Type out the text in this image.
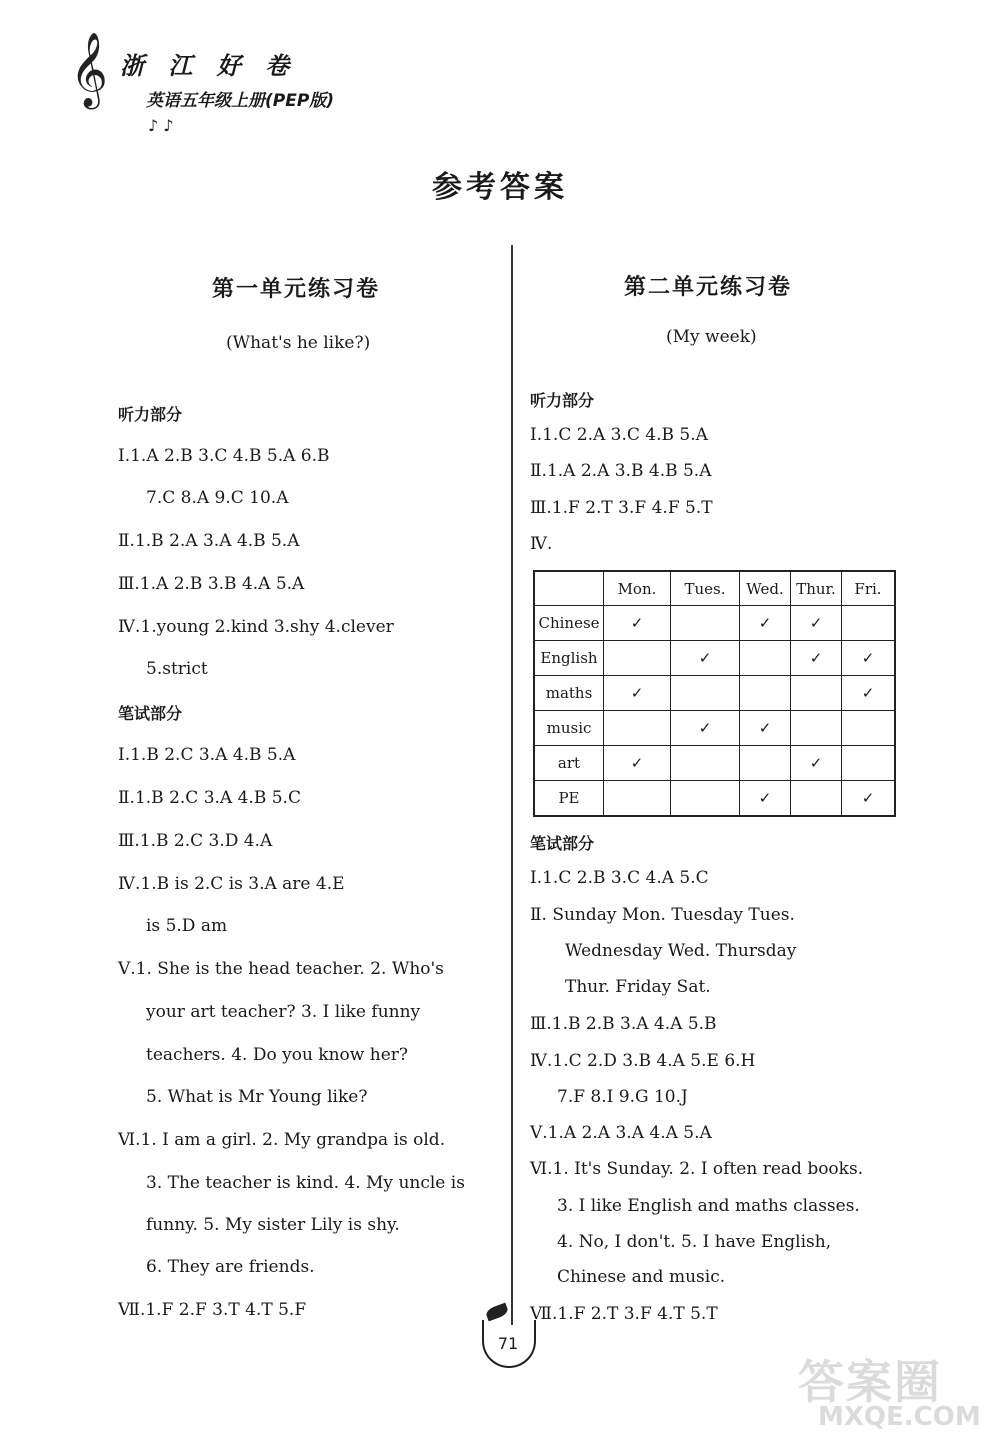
𝄞
♪ ♪
浙 江 好 卷
英语五年级上册(PEP版)
参考答案
第一单元练习卷
(What's he like?)
听力部分
Ⅰ.1.A 2.B 3.C 4.B 5.A 6.B
7.C 8.A 9.C 10.A
Ⅱ.1.B 2.A 3.A 4.B 5.A
Ⅲ.1.A 2.B 3.B 4.A 5.A
Ⅳ.1.young 2.kind 3.shy 4.clever
5.strict
笔试部分
Ⅰ.1.B 2.C 3.A 4.B 5.A
Ⅱ.1.B 2.C 3.A 4.B 5.C
Ⅲ.1.B 2.C 3.D 4.A
Ⅳ.1.B is 2.C is 3.A are 4.E
is 5.D am
Ⅴ.1. She is the head teacher. 2. Who's
your art teacher? 3. I like funny
teachers. 4. Do you know her?
5. What is Mr Young like?
Ⅵ.1. I am a girl. 2. My grandpa is old.
3. The teacher is kind. 4. My uncle is
funny. 5. My sister Lily is shy.
6. They are friends.
Ⅶ.1.F 2.F 3.T 4.T 5.F
第二单元练习卷
(My week)
听力部分
Ⅰ.1.C 2.A 3.C 4.B 5.A
Ⅱ.1.A 2.A 3.B 4.B 5.A
Ⅲ.1.F 2.T 3.F 4.F 5.T
Ⅳ.
	Mon.	Tues.	Wed.	Thur.	Fri.
Chinese	✓		✓	✓	
English		✓		✓	✓
maths	✓				✓
music		✓	✓		
art	✓			✓	
PE			✓		✓
笔试部分
Ⅰ.1.C 2.B 3.C 4.A 5.C
Ⅱ. Sunday Mon. Tuesday Tues.
Wednesday Wed. Thursday
Thur. Friday Sat.
Ⅲ.1.B 2.B 3.A 4.A 5.B
Ⅳ.1.C 2.D 3.B 4.A 5.E 6.H
7.F 8.I 9.G 10.J
Ⅴ.1.A 2.A 3.A 4.A 5.A
Ⅵ.1. It's Sunday. 2. I often read books.
3. I like English and maths classes.
4. No, I don't. 5. I have English,
Chinese and music.
Ⅶ.1.F 2.T 3.F 4.T 5.T
71
答案圈
MXQE.COM
